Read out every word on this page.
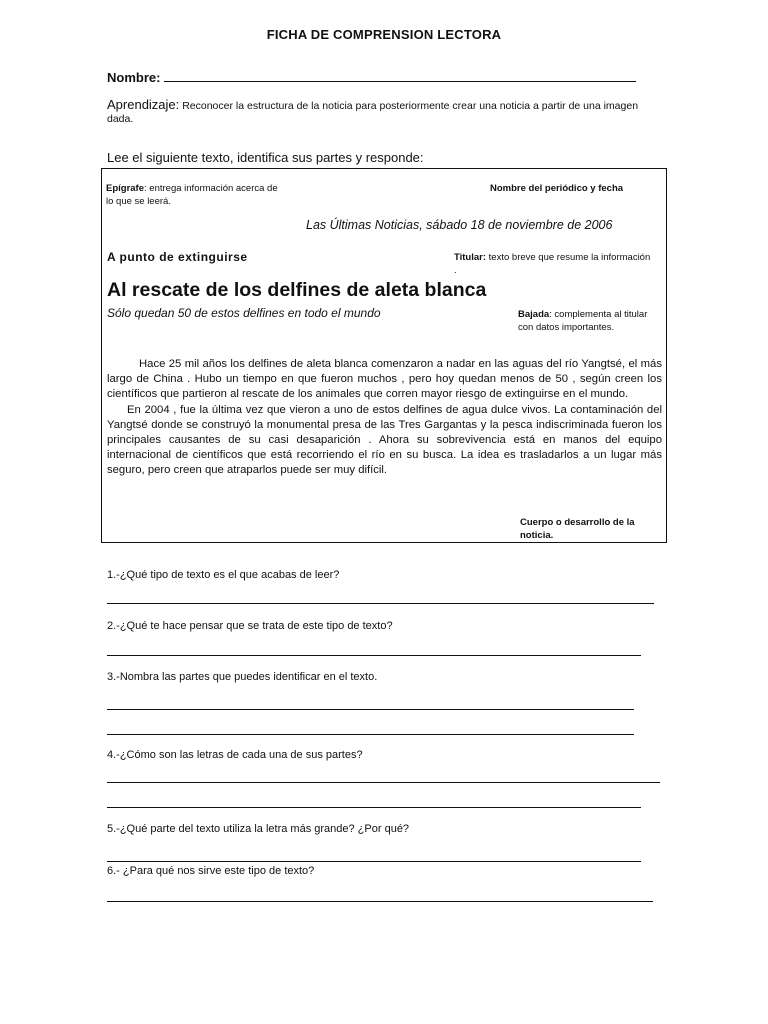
FICHA DE COMPRENSION LECTORA
Nombre:
Aprendizaje: Reconocer la estructura de la noticia para posteriormente crear una noticia a partir de una imagen dada.
Lee el siguiente texto, identifica sus partes y responde:
Epígrafe: entrega información acerca de lo que se leerá.
Nombre del periódico y fecha
Las Últimas Noticias, sábado 18 de noviembre de 2006
A punto de extinguirse	Titular: texto breve que resume la información .
Al rescate de los delfines de aleta blanca
Sólo quedan 50 de estos delfines en todo el mundo	Bajada: complementa al titular con datos importantes.

Hace 25 mil años los delfines de aleta blanca comenzaron a nadar en las aguas del río Yangtsé, el más largo de China . Hubo un tiempo en que fueron muchos , pero hoy quedan menos de 50 , según creen los científicos que partieron al rescate de los animales que corren mayor riesgo de extinguirse en el mundo.

En 2004 , fue la última vez que vieron a uno de estos delfines de agua dulce vivos. La contaminación del Yangtsé donde se construyó la monumental presa de las Tres Gargantas y la pesca indiscriminada fueron los principales causantes de su casi desaparición . Ahora su sobrevivencia está en manos del equipo internacional de científicos que está recorriendo el río en su busca. La idea es trasladarlos a un lugar más seguro, pero creen que atraparlos puede ser muy difícil.

Cuerpo o desarrollo de la noticia.
1.-¿Qué tipo de texto es el que acabas de leer?
2.-¿Qué te hace pensar que se trata de este tipo de texto?
3.-Nombra las partes que puedes identificar en el texto.
4.-¿Cómo son las letras de cada una de sus partes?
5.-¿Qué parte del texto utiliza la letra más grande? ¿Por qué?
6.- ¿Para qué nos sirve este tipo de texto?
